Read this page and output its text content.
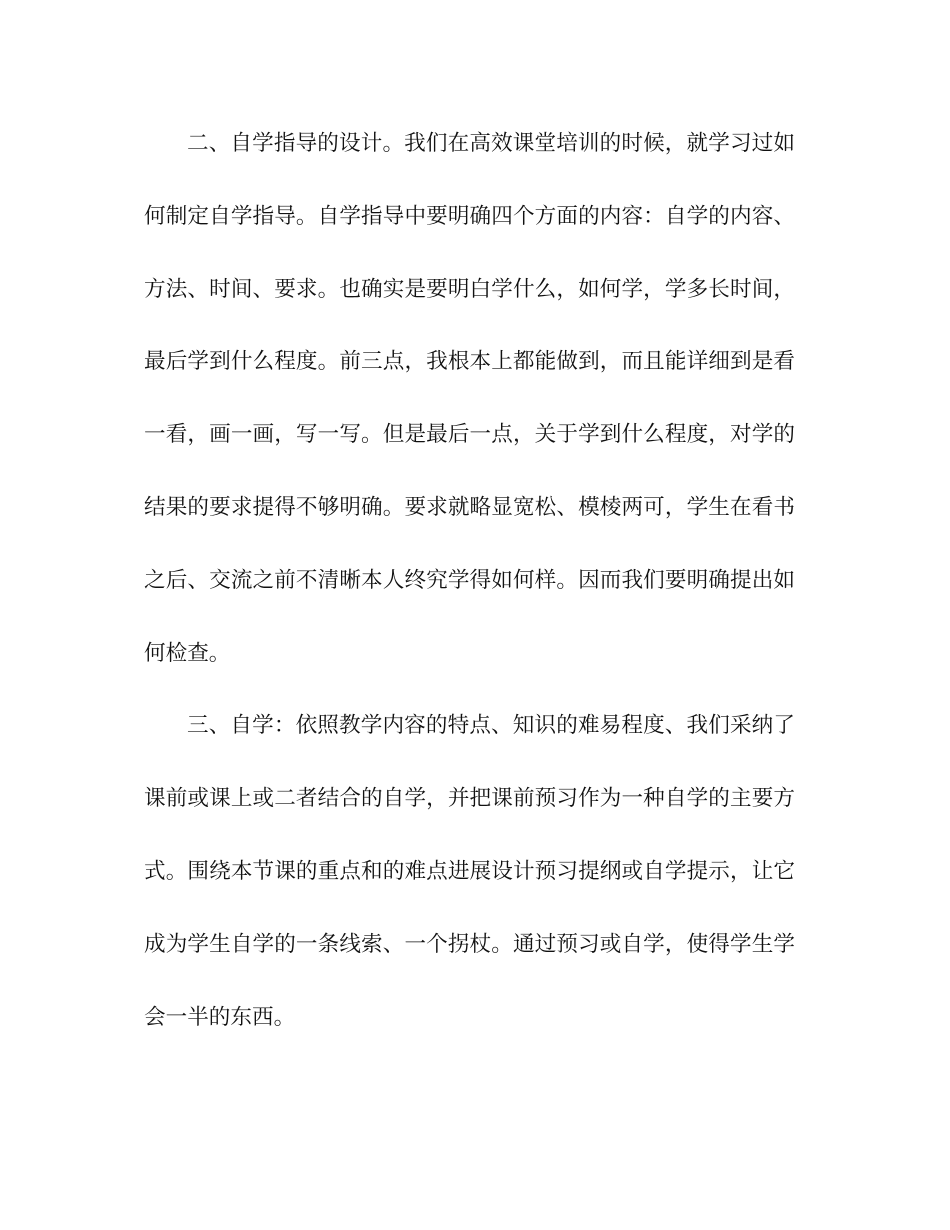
二、自学指导的设计。我们在高效课堂培训的时候，就学习过如
何制定自学指导。自学指导中要明确四个方面的内容：自学的内容、
方法、时间、要求。也确实是要明白学什么，如何学，学多长时间，
最后学到什么程度。前三点，我根本上都能做到，而且能详细到是看
一看，画一画，写一写。但是最后一点，关于学到什么程度，对学的
结果的要求提得不够明确。要求就略显宽松、模棱两可，学生在看书
之后、交流之前不清晰本人终究学得如何样。因而我们要明确提出如
何检查。
三、自学：依照教学内容的特点、知识的难易程度、我们采纳了
课前或课上或二者结合的自学，并把课前预习作为一种自学的主要方
式。围绕本节课的重点和的难点进展设计预习提纲或自学提示，让它
成为学生自学的一条线索、一个拐杖。通过预习或自学，使得学生学
会一半的东西。
